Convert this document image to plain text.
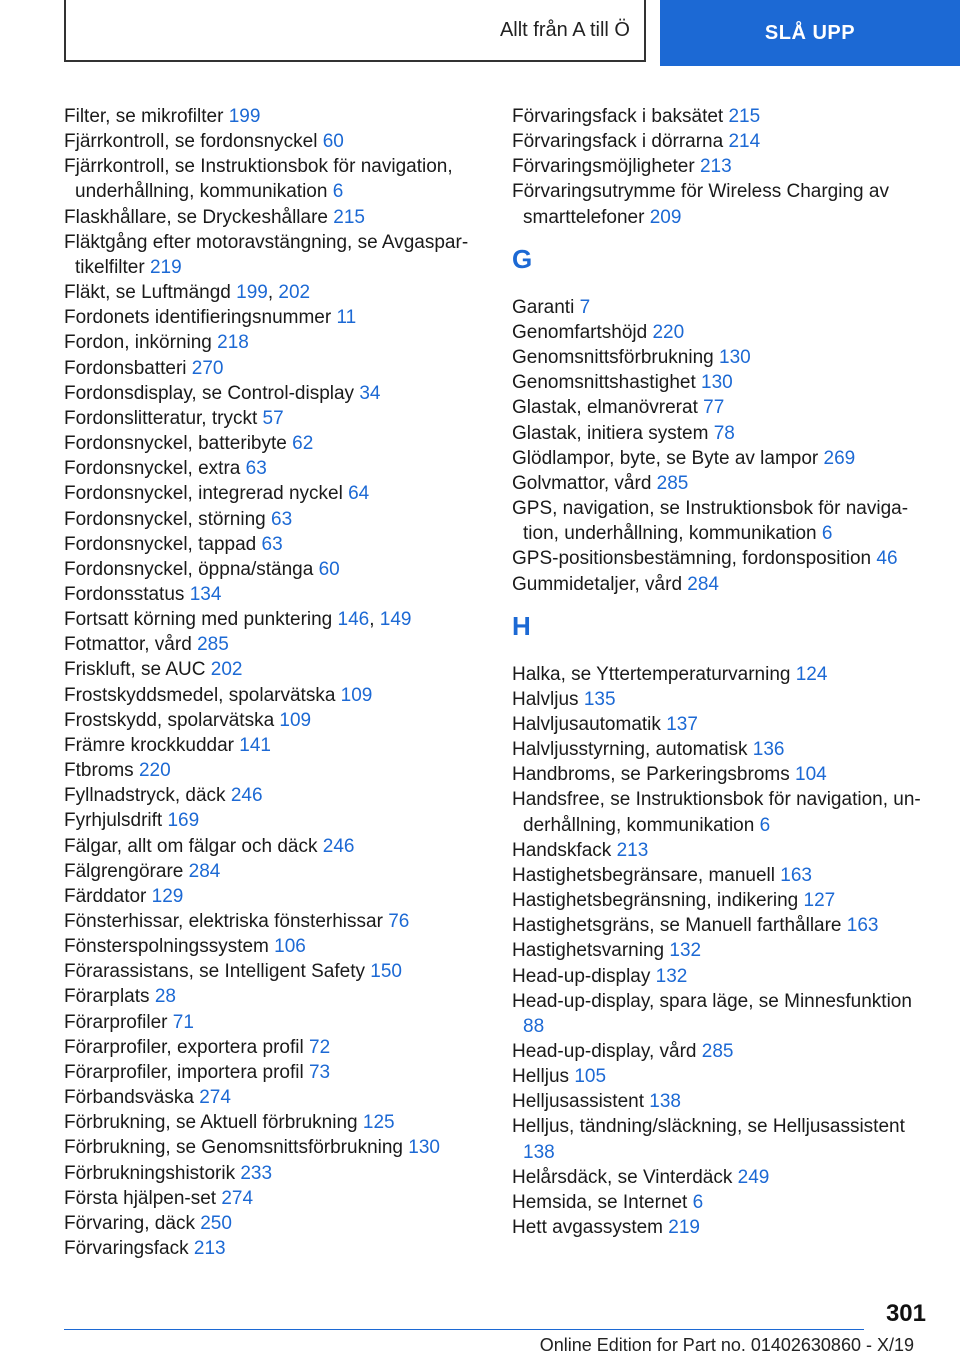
Allt från A till Ö	SLÅ UPP
Filter, se mikrofilter 199
Fjärrkontroll, se fordonsnyckel 60
Fjärrkontroll, se Instruktionsbok för navigation, underhållning, kommunikation 6
Flaskhållare, se Dryckeshållare 215
Fläktgång efter motoravstängning, se Avgaspartikelfilter 219
Fläkt, se Luftmängd 199, 202
Fordonets identifieringsnummer 11
Fordon, inkörning 218
Fordonsbatteri 270
Fordonsdisplay, se Control-display 34
Fordonslitteratur, tryckt 57
Fordonsnyckel, batteribyte 62
Fordonsnyckel, extra 63
Fordonsnyckel, integrerad nyckel 64
Fordonsnyckel, störning 63
Fordonsnyckel, tappad 63
Fordonsnyckel, öppna/stänga 60
Fordonsstatus 134
Fortsatt körning med punktering 146, 149
Fotmattor, vård 285
Friskluft, se AUC 202
Frostskyddsmedel, spolarvätska 109
Frostskydd, spolarvätska 109
Främre krockkuddar 141
Ftbroms 220
Fyllnadstryck, däck 246
Fyrhjulsdrift 169
Fälgar, allt om fälgar och däck 246
Fälgrengörare 284
Färddator 129
Fönsterhissar, elektriska fönsterhissar 76
Fönsterspolningssystem 106
Förarassistans, se Intelligent Safety 150
Förarplats 28
Förarprofiler 71
Förarprofiler, exportera profil 72
Förarprofiler, importera profil 73
Förbandsväska 274
Förbrukning, se Aktuell förbrukning 125
Förbrukning, se Genomsnittsförbrukning 130
Förbrukningshistorik 233
Första hjälpen-set 274
Förvaring, däck 250
Förvaringsfack 213
Förvaringsfack i baksätet 215
Förvaringsfack i dörrarna 214
Förvaringsmöjligheter 213
Förvaringsutrymme för Wireless Charging av smarttelefoner 209
G
Garanti 7
Genomfartshöjd 220
Genomsnittsförbrukning 130
Genomsnittshastighet 130
Glastak, elmanövrerat 77
Glastak, initiera system 78
Glödlampor, byte, se Byte av lampor 269
Golvmattor, vård 285
GPS, navigation, se Instruktionsbok för navigation, underhållning, kommunikation 6
GPS-positionsbestämning, fordonsposition 46
Gummidetaljer, vård 284
H
Halka, se Yttertemperaturvarning 124
Halvljus 135
Halvljusautomatik 137
Halvljusstyrning, automatisk 136
Handbroms, se Parkeringsbroms 104
Handsfree, se Instruktionsbok för navigation, underhållning, kommunikation 6
Handskfack 213
Hastighetsbegränsare, manuell 163
Hastighetsbegränsning, indikering 127
Hastighetsgräns, se Manuell farthållare 163
Hastighetsvarning 132
Head-up-display 132
Head-up-display, spara läge, se Minnesfunktion 88
Head-up-display, vård 285
Helljus 105
Helljusassistent 138
Helljus, tändning/släckning, se Helljusassistent 138
Helårsdäck, se Vinterdäck 249
Hemsida, se Internet 6
Hett avgassystem 219
301
Online Edition for Part no. 01402630860 - X/19
